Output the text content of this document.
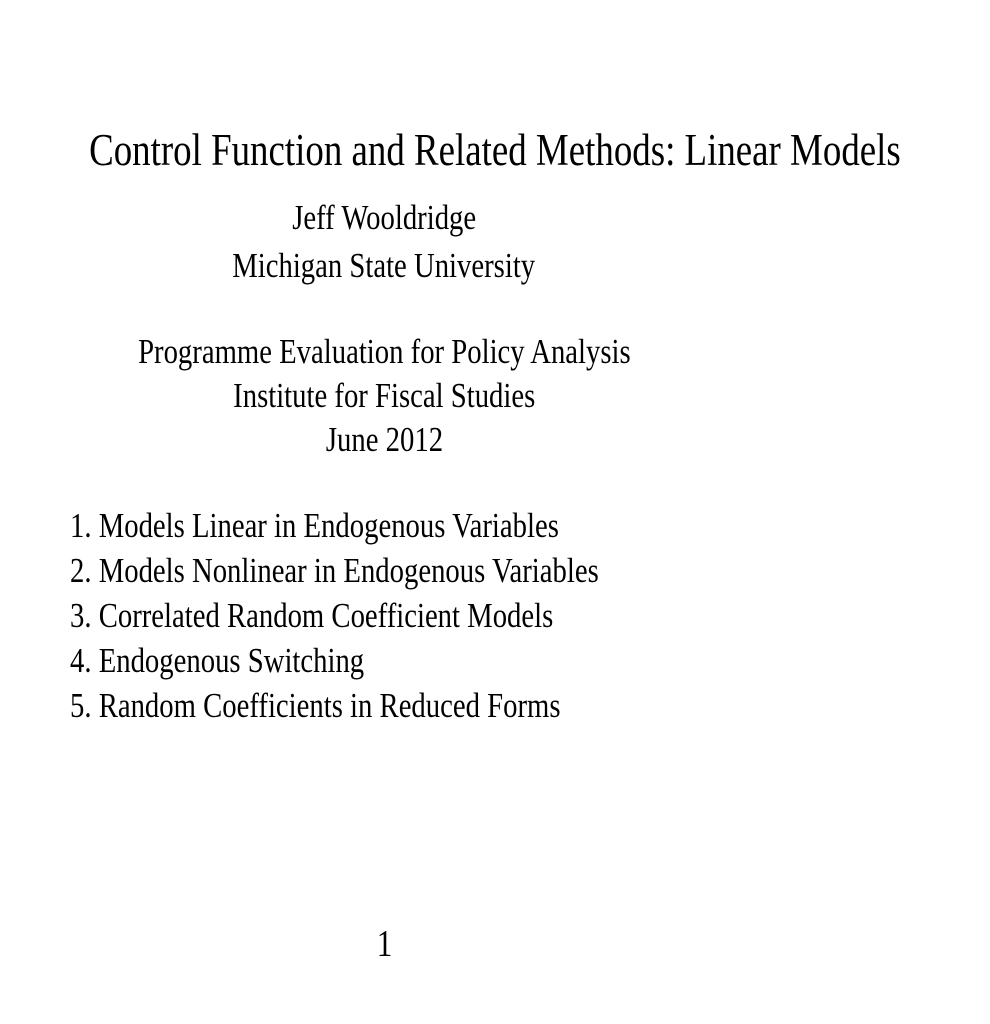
Control Function and Related Methods: Linear Models
Jeff Wooldridge
Michigan State University
Programme Evaluation for Policy Analysis
Institute for Fiscal Studies
June 2012
1. Models Linear in Endogenous Variables
2. Models Nonlinear in Endogenous Variables
3. Correlated Random Coefficient Models
4. Endogenous Switching
5. Random Coefficients in Reduced Forms
1
